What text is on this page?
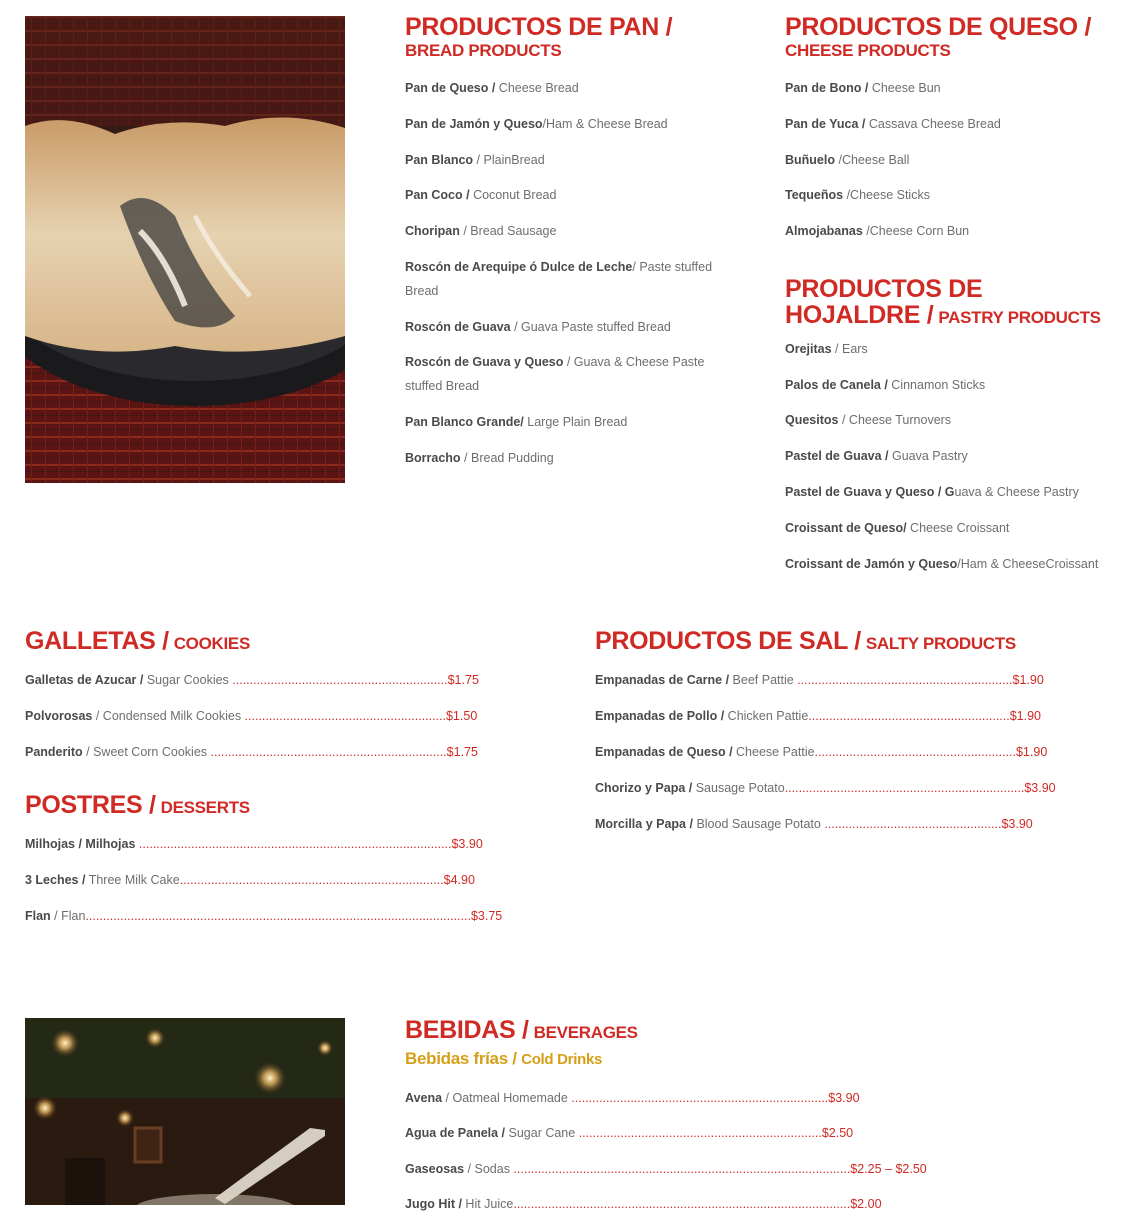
PRODUCTOS DE PAN / BREAD PRODUCTS
Pan de Queso / Cheese Bread
Pan de Jamón y Queso/Ham & Cheese Bread
Pan Blanco / PlainBread
Pan Coco / Coconut Bread
Choripan / Bread Sausage
Roscón de Arequipe ó Dulce de Leche/ Paste stuffed Bread
Roscón de Guava / Guava Paste stuffed Bread
Roscón de Guava y Queso / Guava & Cheese Paste stuffed Bread
Pan Blanco Grande/ Large Plain Bread
Borracho / Bread Pudding
PRODUCTOS DE QUESO / CHEESE PRODUCTS
Pan de Bono / Cheese Bun
Pan de Yuca / Cassava Cheese Bread
Buñuelo /Cheese Ball
Tequeños /Cheese Sticks
Almojabanas /Cheese Corn Bun
PRODUCTOS DE HOJALDRE / PASTRY PRODUCTS
Orejitas / Ears
Palos de Canela / Cinnamon Sticks
Quesitos / Cheese Turnovers
Pastel de Guava / Guava Pastry
Pastel de Guava y Queso / Guava & Cheese Pastry
Croissant de Queso/ Cheese Croissant
Croissant de Jamón y Queso/Ham & CheeseCroissant
GALLETAS / COOKIES
Galletas de Azucar / Sugar Cookies ..............................................................$1.75
Polvorosas / Condensed Milk Cookies ..........................................................$1.50
Panderito / Sweet Corn Cookies ....................................................................$1.75
POSTRES / DESSERTS
Milhojas / Milhojas ..........................................................................................$3.90
3 Leches / Three Milk Cake............................................................................$4.90
Flan / Flan...............................................................................................................$3.75
PRODUCTOS DE SAL / SALTY PRODUCTS
Empanadas de Carne / Beef Pattie ..............................................................$1.90
Empanadas de Pollo / Chicken Pattie..........................................................$1.90
Empanadas de Queso / Cheese Pattie..........................................................$1.90
Chorizo y Papa / Sausage Potato.....................................................................$3.90
Morcilla y Papa / Blood Sausage Potato ...................................................$3.90
BEBIDAS / BEVERAGES
Bebidas frías / Cold Drinks
Avena / Oatmeal Homemade ..........................................................................$3.90
Agua de Panela / Sugar Cane ......................................................................$2.50
Gaseosas / Sodas .................................................................................................$2.25 – $2.50
Jugo Hit / Hit Juice.................................................................................................$2.00
